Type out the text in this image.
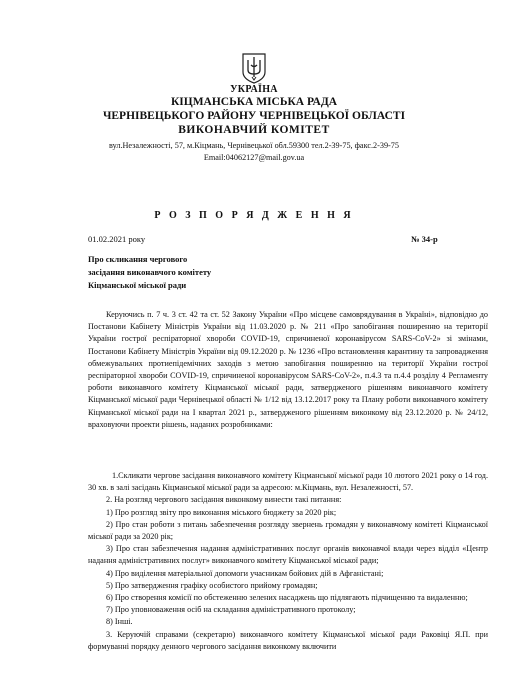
УКРАЇНА
КІЦМАНСЬКА МІСЬКА РАДА
ЧЕРНІВЕЦЬКОГО РАЙОНУ ЧЕРНІВЕЦЬКОЇ ОБЛАСТІ
ВИКОНАВЧИЙ КОМІТЕТ
вул.Незалежності, 57, м.Кіцмань, Чернівецької обл.59300 тел.2-39-75, факс.2-39-75
Email:04062127@mail.gov.ua
Р О З П О Р Я Д Ж Е Н Н Я
01.02.2021 року	№ 34-р
Про скликання чергового
засідання виконавчого комітету
Кіцманської міської ради
Керуючись п. 7 ч. 3 ст. 42 та ст. 52 Закону України «Про місцеве самоврядування в Україні», відповідно до Постанови Кабінету Міністрів України від 11.03.2020 р. № 211 «Про запобігання поширенню на території України гострої респіраторної хвороби COVID-19, спричиненої коронавірусом SARS-CoV-2» зі змінами, Постанови Кабінету Міністрів України від 09.12.2020 р. № 1236 «Про встановлення карантину та запровадження обмежувальних протиепідемічних заходів з метою запобігання поширенню на території України гострої респіраторної хвороби COVID-19, спричиненої коронавірусом SARS-CoV-2», п.4.3 та п.4.4 розділу 4 Регламенту роботи виконавчого комітету Кіцманської міської ради, затвердженого рішенням виконавчого комітету Кіцманської міської ради Чернівецької області № 1/12 від 13.12.2017 року та Плану роботи виконавчого комітету Кіцманської міської ради на I квартал 2021 р., затвердженого рішенням виконкому від 23.12.2020 р. № 24/12, враховуючи проекти рішень, наданих розробниками:

1.Скликати чергове засідання виконавчого комітету Кіцманської міської ради 10 лютого 2021 року о 14 год. 30 хв. в залі засідань Кіцманської міської ради за адресою: м.Кіцмань, вул. Незалежності, 57.

2. На розгляд чергового засідання виконкому винести такі питання:

1) Про розгляд звіту про виконання міського бюджету за 2020 рік;

2) Про стан роботи з питань забезпечення розгляду звернень громадян у виконавчому комітеті Кіцманської міської ради за 2020 рік;

3) Про стан забезпечення надання адміністративних послуг органів виконавчої влади через відділ «Центр надання адміністративних послуг» виконавчого комітету Кіцманської міської ради;

4) Про виділення матеріальної допомоги учасникам бойових дій в Афганістані;

5) Про затвердження графіку особистого прийому громадян;

6) Про створення комісії по обстеженню зелених насаджень що підлягають підчищенню та видаленню;

7) Про уповноваження осіб на складання адміністративного протоколу;

8) Інші.

3. Керуючій справами (секретарю) виконавчого комітету Кіцманської міської ради Раковіці Я.П. при формуванні порядку денного чергового засідання виконкому включити
